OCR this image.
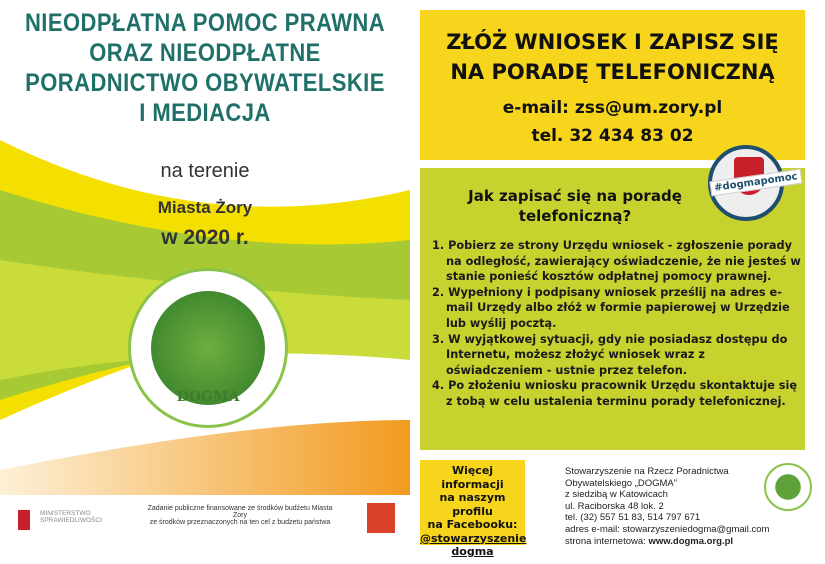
NIEODPŁATNA POMOC PRAWNA
ORAZ NIEODPŁATNE
PORADNICTWO OBYWATELSKIE
I MEDIACJA
na terenie
Miasta Żory
w 2020 r.
DOGMA
MINISTERSTWO SPRAWIEDLIWOŚCI
Zadanie publiczne finansowane ze środków budżetu Miasta Żory
ze środków przeznaczonych na ten cel z budżetu państwa
ZŁÓŻ WNIOSEK I ZAPISZ SIĘ
NA PORADĘ TELEFONICZNĄ
e-mail: zss@um.zory.pl
tel. 32 434 83 02
Jak zapisać się na poradę telefoniczną?
1. Pobierz ze strony Urzędu wniosek - zgłoszenie porady na odległość, zawierający oświadczenie, że nie jesteś w stanie ponieść kosztów odpłatnej pomocy prawnej.
2. Wypełniony i podpisany wniosek prześlij na adres e-mail Urzędy albo złóż w formie papierowej w Urzędzie lub wyślij pocztą.
3. W wyjątkowej sytuacji, gdy nie posiadasz dostępu do Internetu, możesz złożyć wniosek wraz z oświadczeniem - ustnie przez telefon.
4. Po złożeniu wniosku pracownik Urzędu skontaktuje się z tobą w celu ustalenia terminu porady telefonicznej.
#dogmapomoc
Więcej informacji
na naszym profilu
na Facebooku:
@stowarzyszenie
dogma
Stowarzyszenie na Rzecz Poradnictwa
Obywatelskiego „DOGMA”
z siedzibą w Katowicach
ul. Raciborska 48 lok. 2
tel. (32) 557 51 83, 514 797 671
adres e-mail: stowarzyszeniedogma@gmail.com
strona internetowa: www.dogma.org.pl
